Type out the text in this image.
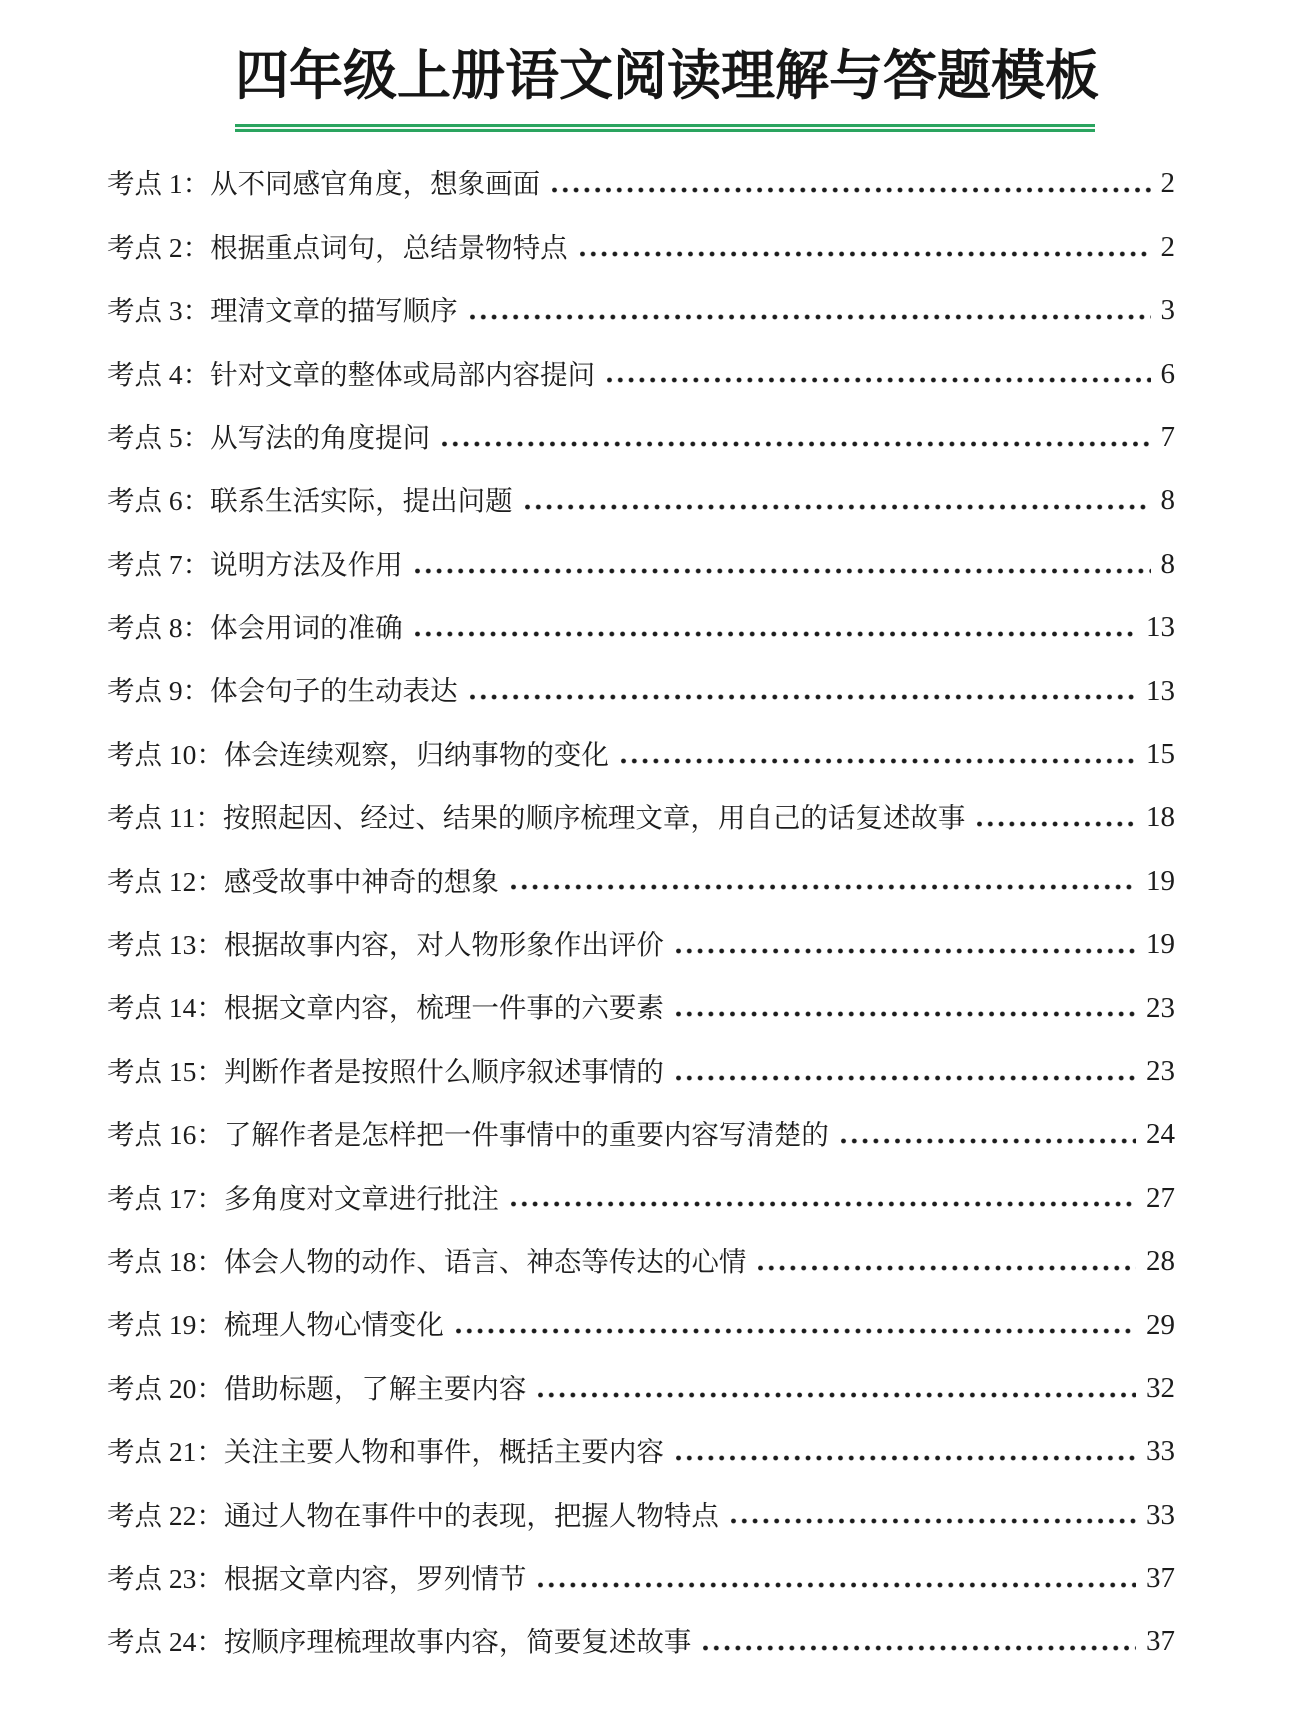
四年级上册语文阅读理解与答题模板
考点 1：从不同感官角度，想象画面	2
考点 2：根据重点词句，总结景物特点	2
考点 3：理清文章的描写顺序	3
考点 4：针对文章的整体或局部内容提问	6
考点 5：从写法的角度提问	7
考点 6：联系生活实际，提出问题	8
考点 7：说明方法及作用	8
考点 8：体会用词的准确	13
考点 9：体会句子的生动表达	13
考点 10：体会连续观察，归纳事物的变化	15
考点 11：按照起因、经过、结果的顺序梳理文章，用自己的话复述故事	18
考点 12：感受故事中神奇的想象	19
考点 13：根据故事内容，对人物形象作出评价	19
考点 14：根据文章内容，梳理一件事的六要素	23
考点 15：判断作者是按照什么顺序叙述事情的	23
考点 16：了解作者是怎样把一件事情中的重要内容写清楚的	24
考点 17：多角度对文章进行批注	27
考点 18：体会人物的动作、语言、神态等传达的心情	28
考点 19：梳理人物心情变化	29
考点 20：借助标题，了解主要内容	32
考点 21：关注主要人物和事件，概括主要内容	33
考点 22：通过人物在事件中的表现，把握人物特点	33
考点 23：根据文章内容，罗列情节	37
考点 24：按顺序理梳理故事内容，简要复述故事	37
